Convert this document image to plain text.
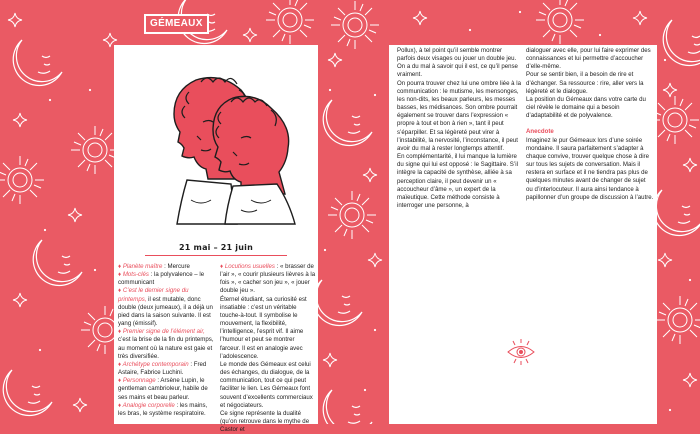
GÉMEAUX
21 mai – 21 juin

♦ Planète maître : Mercure

♦ Mots-clés : la polyvalence – le communicant

♦ C’est le dernier signe du printemps, il est mutable, donc double (deux jumeaux), il a déjà un pied dans la saison suivante. Il est yang (émissif).

♦ Premier signe de l’élément air, c’est la brise de la fin du printemps, au moment où la nature est gaie et très diversifiée.

♦ Archétype contemporain : Fred Astaire, Fabrice Luchini.

♦ Personnage : Arsène Lupin, le gentleman cambrioleur, habile de ses mains et beau parleur.

♦ Analogie corporelle : les mains, les bras, le système respiratoire.

♦ Locutions usuelles : « brasser de l’air », « courir plusieurs lièvres à la fois », « cacher son jeu », « jouer double jeu ».

Éternel étudiant, sa curiosité est insatiable : c’est un véritable touche-à-tout. Il symbolise le mouvement, la flexibilité, l’intelligence, l’esprit vif. Il aime l’humour et peut se montrer farceur. Il est en analogie avec l’adolescence.

Le monde des Gémeaux est celui des échanges, du dialogue, de la communication, tout ce qui peut faciliter le lien. Les Gémeaux font souvent d’excellents commerciaux et négociateurs.

Ce signe représente la dualité (qu’on retrouve dans le mythe de Castor et

Pollux), à tel point qu’il semble montrer parfois deux visages ou jouer un double jeu. On a du mal à savoir qui il est, ce qu’il pense vraiment.

On pourra trouver chez lui une ombre liée à la communication : le mutisme, les mensonges, les non-dits, les beaux parleurs, les messes basses, les médisances. Son ombre pourrait également se trouver dans l’expression « propre à tout et bon à rien », tant il peut s’éparpiller. Et sa légèreté peut virer à l’instabilité, la nervosité, l’inconstance, il peut avoir du mal à rester longtemps attentif.

En complémentarité, il lui manque la lumière du signe qui lui est opposé : le Sagittaire. S’il intègre la capacité de synthèse, alliée à sa perception claire, il peut devenir un « accoucheur d’âme », un expert de la maïeutique. Cette méthode consiste à interroger une personne, à

dialoguer avec elle, pour lui faire exprimer des connaissances et lui permettre d’accoucher d’elle-même.

Pour se sentir bien, il a besoin de rire et d’échanger. Sa ressource : rire, aller vers la légèreté et le dialogue.

La position du Gémeaux dans votre carte du ciel révèle le domaine qui a besoin d’adaptabilité et de polyvalence.

Anecdote

Imaginez le pur Gémeaux lors d’une soirée mondaine. Il saura parfaitement s’adapter à chaque convive, trouver quelque chose à dire sur tous les sujets de conversation. Mais il restera en surface et il ne tiendra pas plus de quelques minutes avant de changer de sujet ou d’interlocuteur. Il aura ainsi tendance à papillonner d’un groupe de discussion à l’autre.
